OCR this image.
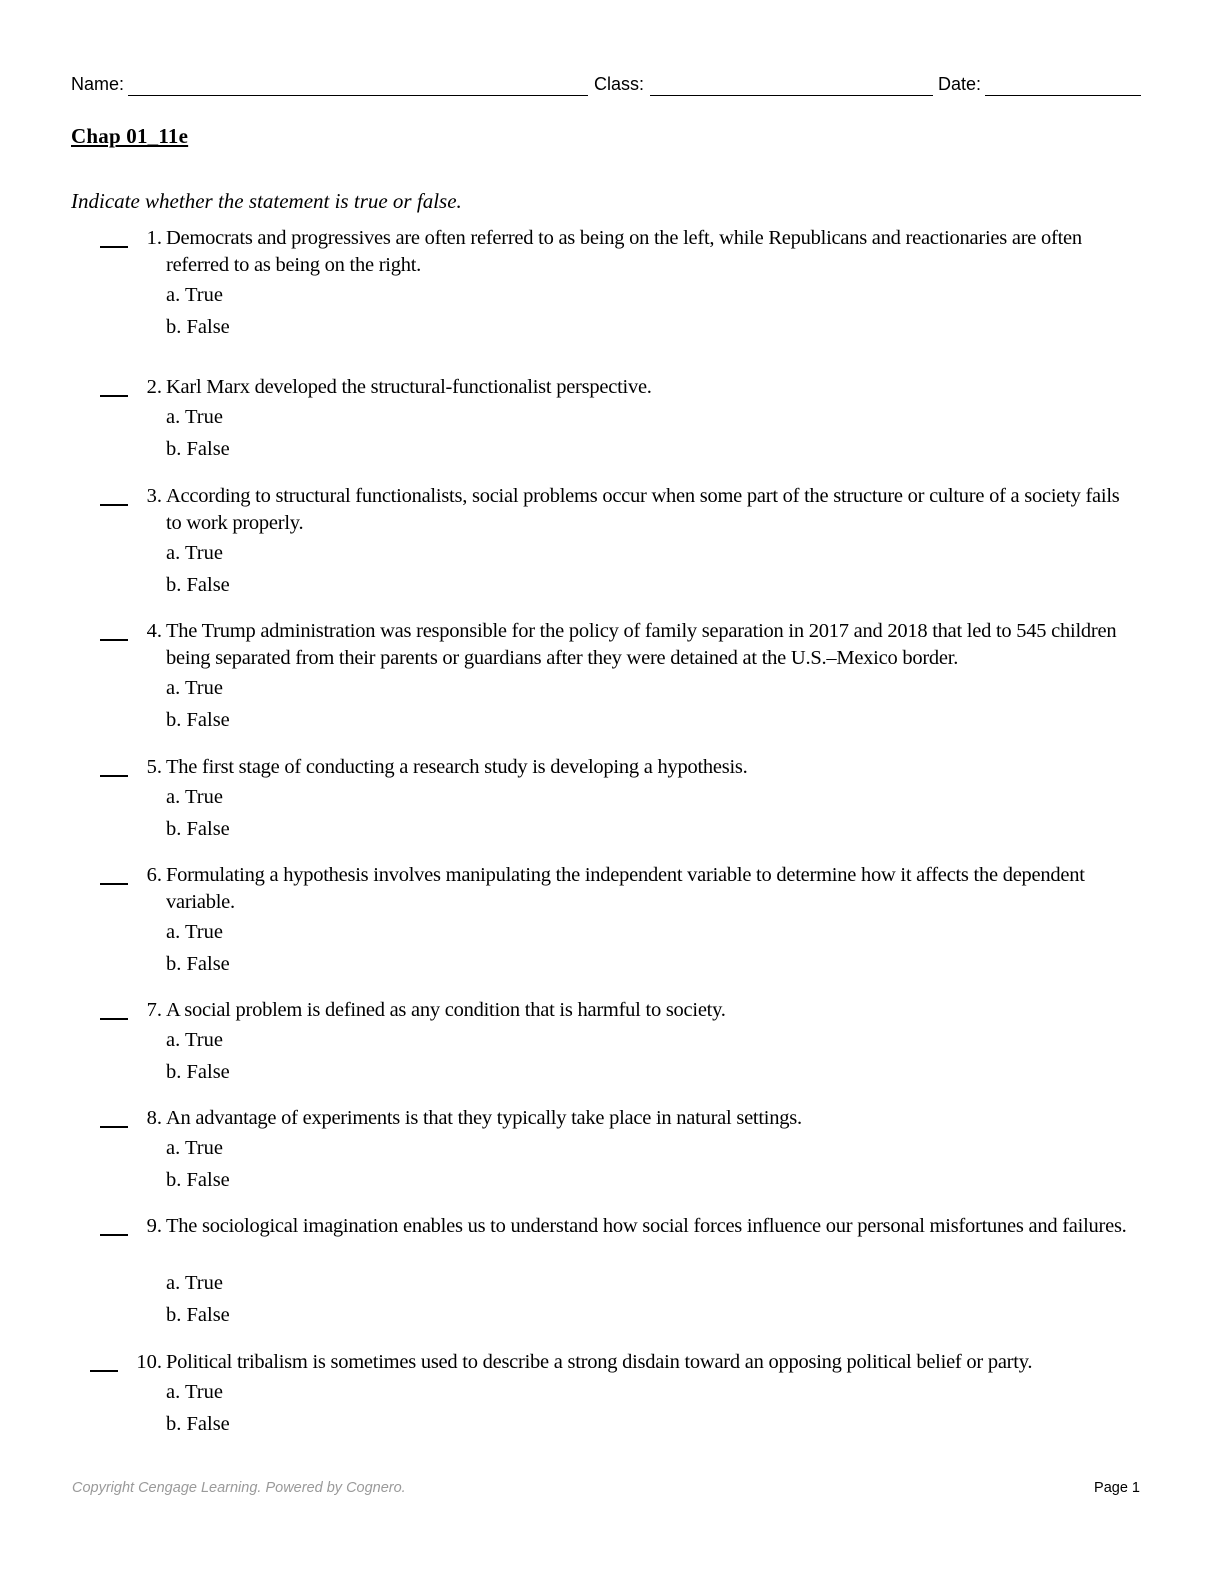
Name:	Class:	Date:
Chap 01_11e
Indicate whether the statement is true or false.
1. Democrats and progressives are often referred to as being on the left, while Republicans and reactionaries are often referred to as being on the right.
a. True
b. False
2. Karl Marx developed the structural-functionalist perspective.
a. True
b. False
3. According to structural functionalists, social problems occur when some part of the structure or culture of a society fails to work properly.
a. True
b. False
4. The Trump administration was responsible for the policy of family separation in 2017 and 2018 that led to 545 children being separated from their parents or guardians after they were detained at the U.S.–Mexico border.
a. True
b. False
5. The first stage of conducting a research study is developing a hypothesis.
a. True
b. False
6. Formulating a hypothesis involves manipulating the independent variable to determine how it affects the dependent variable.
a. True
b. False
7. A social problem is defined as any condition that is harmful to society.
a. True
b. False
8. An advantage of experiments is that they typically take place in natural settings.
a. True
b. False
9. The sociological imagination enables us to understand how social forces influence our personal misfortunes and failures.
a. True
b. False
10. Political tribalism is sometimes used to describe a strong disdain toward an opposing political belief or party.
a. True
b. False
Copyright Cengage Learning. Powered by Cognero.	Page 1
